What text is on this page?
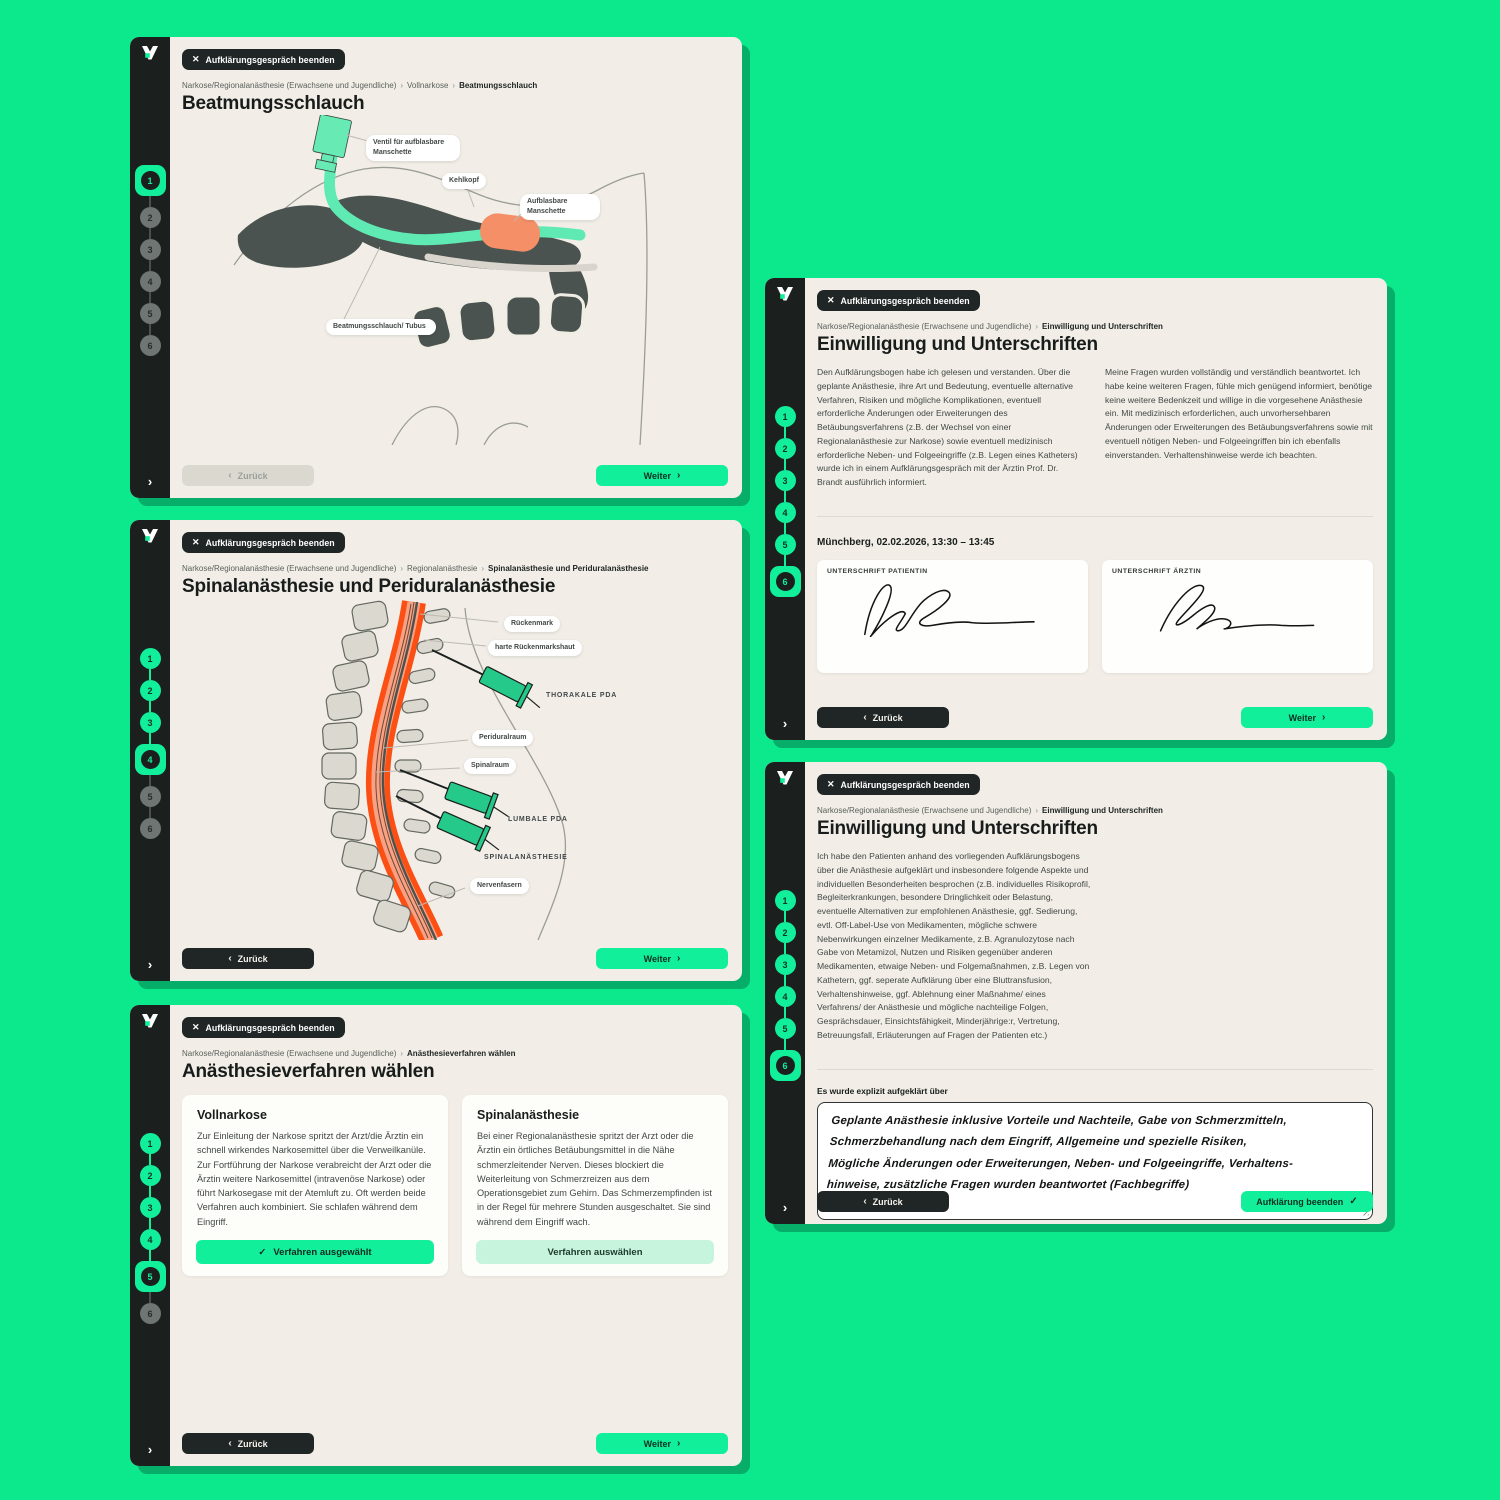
1
2
3
4
5
6
›
✕ Aufklärungsgespräch beenden
Narkose/Regionalanästhesie (Erwachsene und Jugendliche) › Vollnarkose › Beatmungsschlauch
Beatmungsschlauch
Ventil für aufblasbare Manschette
Kehlkopf
Aufblasbare Manschette
Beatmungsschlauch/ Tubus
‹ Zurück	Weiter ›
1
2
3
4
5
6
›
✕ Aufklärungsgespräch beenden
Narkose/Regionalanästhesie (Erwachsene und Jugendliche) › Regionalanästhesie › Spinalanästhesie und Periduralanästhesie
Spinalanästhesie und Periduralanästhesie
Rückenmark
harte Rückenmarkshaut
THORAKALE PDA
Periduralraum
Spinalraum
LUMBALE PDA
SPINALANÄSTHESIE
Nervenfasern
‹ Zurück	Weiter ›
1
2
3
4
5
6
›
✕ Aufklärungsgespräch beenden
Narkose/Regionalanästhesie (Erwachsene und Jugendliche) › Anästhesieverfahren wählen
Anästhesieverfahren wählen
Vollnarkose

Zur Einleitung der Narkose spritzt der Arzt/die Ärztin ein schnell wirkendes Narkosemittel über die Verweilkanüle. Zur Fortführung der Narkose verabreicht der Arzt oder die Ärztin weitere Narkosemittel (intravenöse Narkose) oder führt Narkosegase mit der Atemluft zu. Oft werden beide Verfahren auch kombiniert. Sie schlafen während dem Eingriff.

✓ Verfahren ausgewählt
Spinalanästhesie

Bei einer Regionalanästhesie spritzt der Arzt oder die Ärztin ein örtliches Betäubungsmittel in die Nähe schmerzleitender Nerven. Dieses blockiert die Weiterleitung von Schmerzreizen aus dem Operationsgebiet zum Gehirn. Das Schmerzempfinden ist in der Regel für mehrere Stunden ausgeschaltet. Sie sind während dem Eingriff wach.

Verfahren auswählen
‹ Zurück	Weiter ›
1
2
3
4
5
6
›
✕ Aufklärungsgespräch beenden
Narkose/Regionalanästhesie (Erwachsene und Jugendliche) › Einwilligung und Unterschriften
Einwilligung und Unterschriften

Den Aufklärungsbogen habe ich gelesen und verstanden. Über die geplante Anästhesie, ihre Art und Bedeutung, eventuelle alternative Verfahren, Risiken und mögliche Komplikationen, eventuell erforderliche Änderungen oder Erweiterungen des Betäubungsverfahrens (z.B. der Wechsel von einer Regionalanästhesie zur Narkose) sowie eventuell medizinisch erforderliche Neben- und Folgeeingriffe (z.B. Legen eines Katheters) wurde ich in einem Aufklärungsgespräch mit der Ärztin Prof. Dr. Brandt ausführlich informiert.

Meine Fragen wurden vollständig und verständlich beantwortet. Ich habe keine weiteren Fragen, fühle mich genügend informiert, benötige keine weitere Bedenkzeit und willige in die vorgesehene Anästhesie ein. Mit medizinisch erforderlichen, auch unvorhersehbaren Änderungen oder Erweiterungen des Betäubungsverfahrens sowie mit eventuell nötigen Neben- und Folgeeingriffen bin ich ebenfalls einverstanden. Verhaltenshinweise werde ich beachten.

Münchberg, 02.02.2026, 13:30 – 13:45
UNTERSCHRIFT PATIENTIN	UNTERSCHRIFT ÄRZTIN
‹ Zurück	Weiter ›
1
2
3
4
5
6
›
✕ Aufklärungsgespräch beenden
Narkose/Regionalanästhesie (Erwachsene und Jugendliche) › Einwilligung und Unterschriften
Einwilligung und Unterschriften

Ich habe den Patienten anhand des vorliegenden Aufklärungsbogens über die Anästhesie aufgeklärt und insbesondere folgende Aspekte und individuellen Besonderheiten besprochen (z.B. individuelles Risikoprofil, Begleiterkrankungen, besondere Dringlichkeit oder Belastung, eventuelle Alternativen zur empfohlenen Anästhesie, ggf. Sedierung, evtl. Off-Label-Use von Medikamenten, mögliche schwere Nebenwirkungen einzelner Medikamente, z.B. Agranulozytose nach Gabe von Metamizol, Nutzen und Risiken gegenüber anderen Medikamenten, etwaige Neben- und Folgemaßnahmen, z.B. Legen von Kathetern, ggf. seperate Aufklärung über eine Bluttransfusion, Verhaltenshinweise, ggf. Ablehnung einer Maßnahme/ eines Verfahrens/ der Anästhesie und mögliche nachteilige Folgen, Gesprächsdauer, Einsichtsfähigkeit, Minderjährige:r, Vertretung, Betreuungsfall, Erläuterungen auf Fragen der Patienten etc.)

Es wurde explizit aufgeklärt über
Geplante Anästhesie inklusive Vorteile und Nachteile, Gabe von Schmerzmitteln,
Schmerzbehandlung nach dem Eingriff, Allgemeine und spezielle Risiken,
Mögliche Änderungen oder Erweiterungen, Neben- und Folgeeingriffe, Verhaltens-
hinweise, zusätzliche Fragen wurden beantwortet (Fachbegriffe)
‹ Zurück	Aufklärung beenden ✓
